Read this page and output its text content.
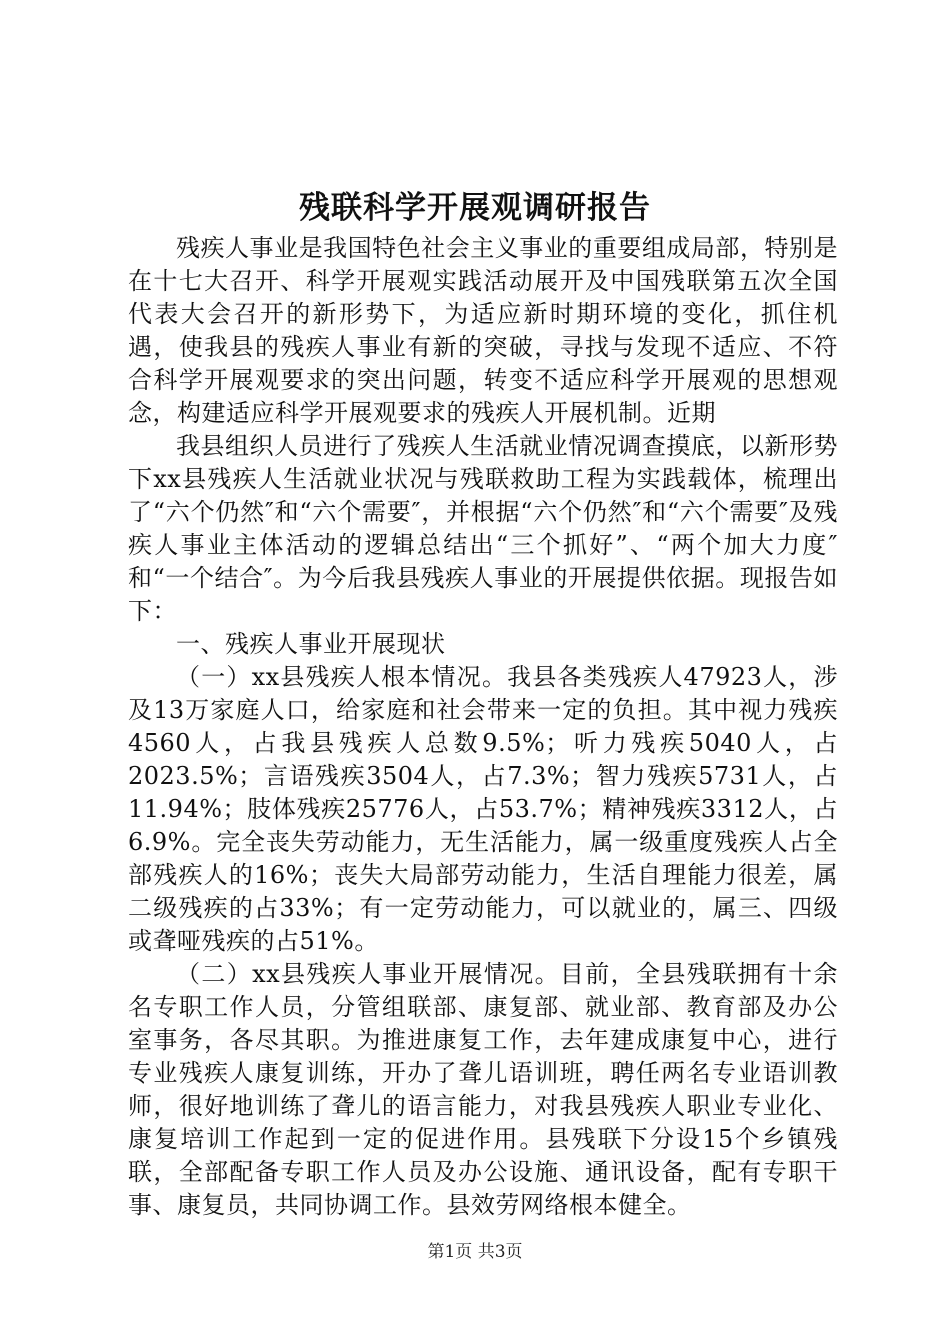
残联科学开展观调研报告

残疾人事业是我国特色社会主义事业的重要组成局部，特别是在十七大召开、科学开展观实践活动展开及中国残联第五次全国代表大会召开的新形势下，为适应新时期环境的变化，抓住机遇，使我县的残疾人事业有新的突破，寻找与发现不适应、不符合科学开展观要求的突出问题，转变不适应科学开展观的思想观念，构建适应科学开展观要求的残疾人开展机制。近期

我县组织人员进行了残疾人生活就业情况调查摸底，以新形势下xx县残疾人生活就业状况与残联救助工程为实践载体，梳理出了“六个仍然″和“六个需要″，并根据“六个仍然″和“六个需要″及残疾人事业主体活动的逻辑总结出“三个抓好”、“两个加大力度″和“一个结合″。为今后我县残疾人事业的开展提供依据。现报告如下：

一、残疾人事业开展现状

（一）xx县残疾人根本情况。我县各类残疾人47923人，涉及13万家庭人口，给家庭和社会带来一定的负担。其中视力残疾4560人，占我县残疾人总数9.5%；听力残疾5040人，占2023.5%；言语残疾3504人，占7.3%；智力残疾5731人，占11.94%；肢体残疾25776人，占53.7%；精神残疾3312人，占6.9%。完全丧失劳动能力，无生活能力，属一级重度残疾人占全部残疾人的16%；丧失大局部劳动能力，生活自理能力很差，属二级残疾的占33%；有一定劳动能力，可以就业的，属三、四级或聋哑残疾的占51%。

（二）xx县残疾人事业开展情况。目前，全县残联拥有十余名专职工作人员，分管组联部、康复部、就业部、教育部及办公室事务，各尽其职。为推进康复工作，去年建成康复中心，进行专业残疾人康复训练，开办了聋儿语训班，聘任两名专业语训教师，很好地训练了聋儿的语言能力，对我县残疾人职业专业化、康复培训工作起到一定的促进作用。县残联下分设15个乡镇残联，全部配备专职工作人员及办公设施、通讯设备，配有专职干事、康复员，共同协调工作。县效劳网络根本健全。

第1页 共3页
